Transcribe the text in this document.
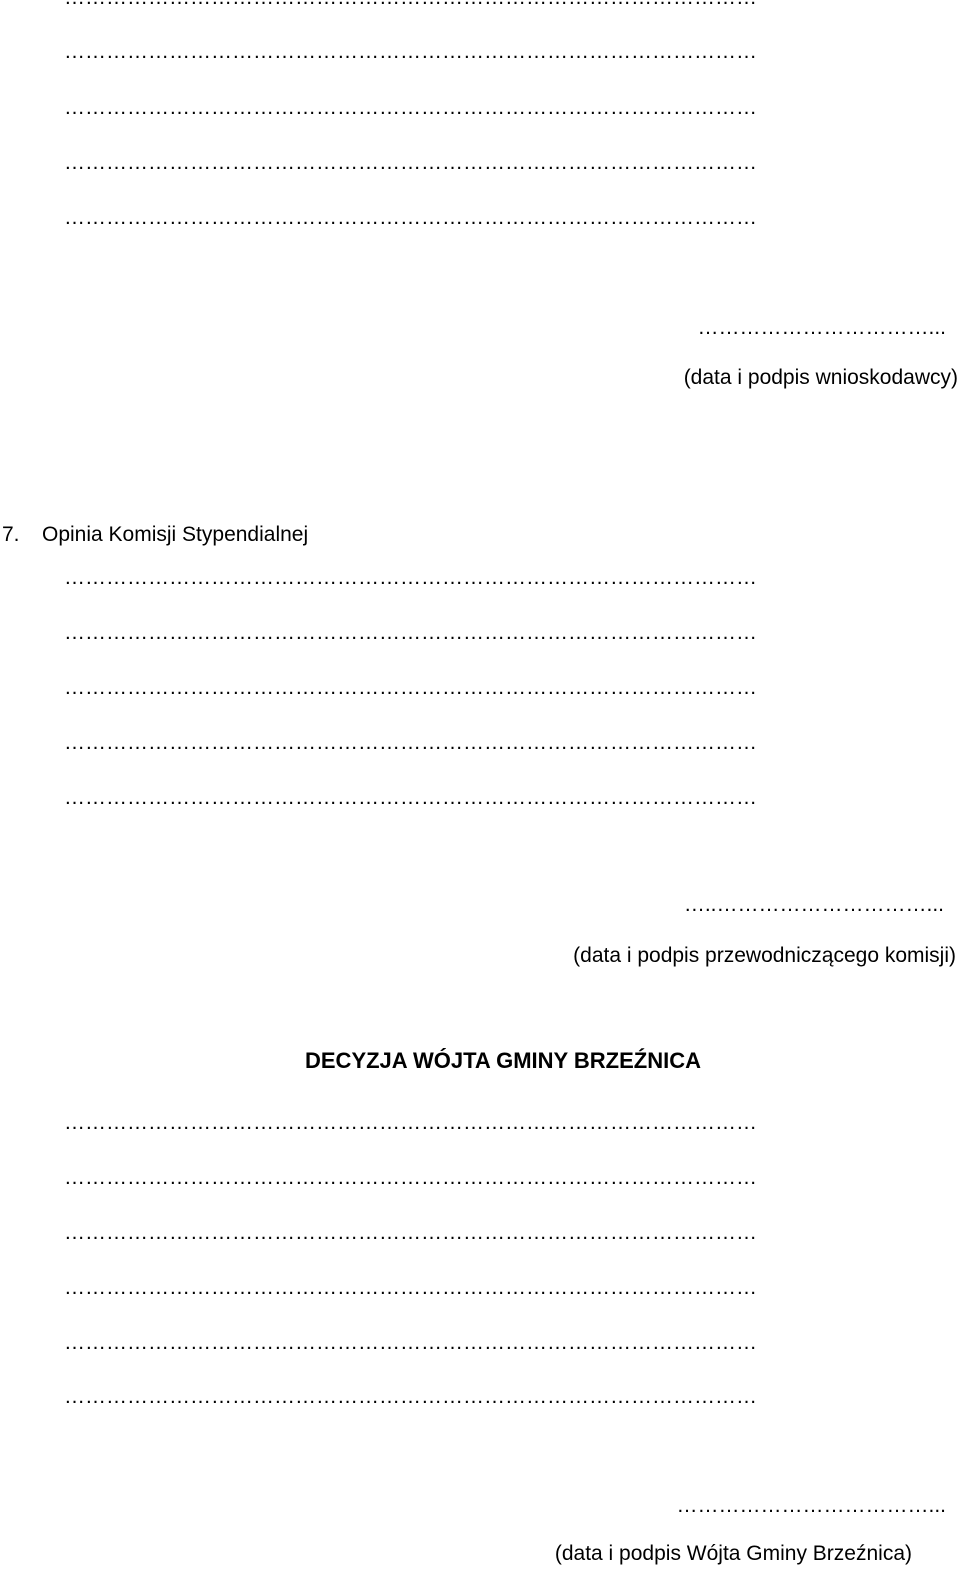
………………………………………………………………………………………
………………………………………………………………………………………
………………………………………………………………………………………
………………………………………………………………………………………
……………………………...
(data i podpis wnioskodawcy)
7. Opinia Komisji Stypendialnej
………………………………………………………………………………………
………………………………………………………………………………………
………………………………………………………………………………………
………………………………………………………………………………………
………………………………………………………………………………………
…..…………………………...
(data i podpis przewodniczącego komisji)
DECYZJA WÓJTA GMINY BRZEŹNICA
………………………………………………………………………………………
………………………………………………………………………………………
………………………………………………………………………………………
………………………………………………………………………………………
………………………………………………………………………………………
………………………………………………………………………………………
………………………………...
(data i podpis Wójta Gminy Brzeźnica)
